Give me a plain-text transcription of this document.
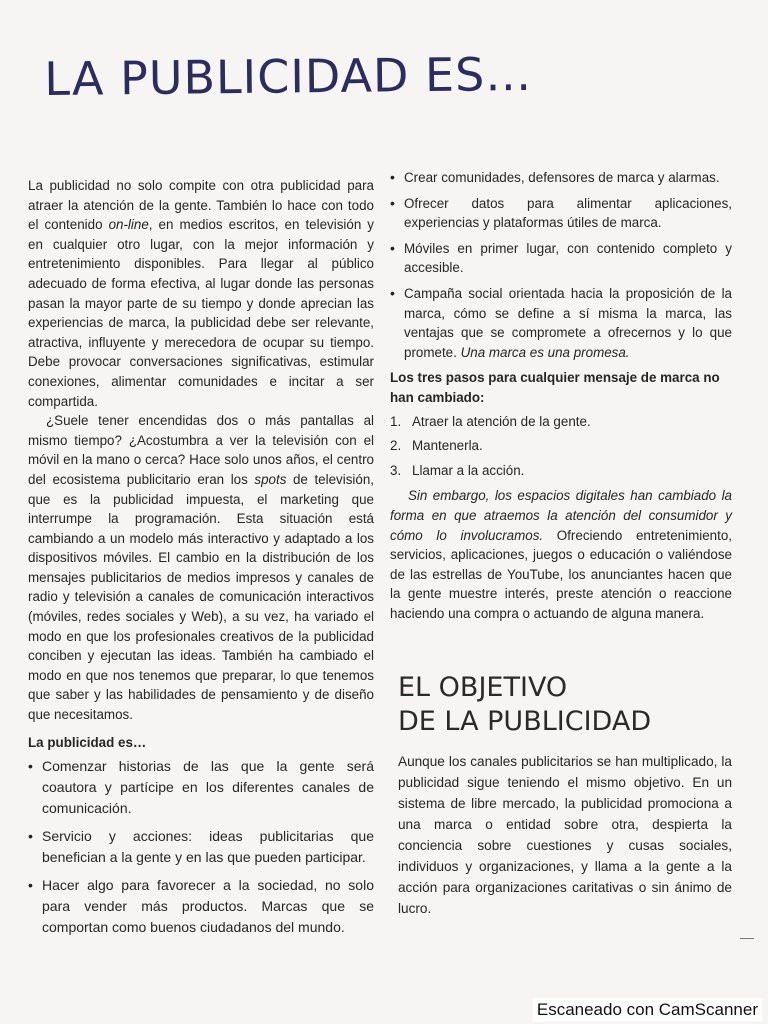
LA PUBLICIDAD ES…

La publicidad no solo compite con otra publicidad para atraer la atención de la gente. También lo hace con todo el contenido on-line, en medios escritos, en televisión y en cualquier otro lugar, con la mejor información y entretenimiento disponibles. Para llegar al público adecuado de forma efectiva, al lugar donde las personas pasan la mayor parte de su tiempo y donde aprecian las experiencias de marca, la publicidad debe ser relevante, atractiva, influyente y merecedora de ocupar su tiempo. Debe provocar conversaciones significativas, estimular conexiones, alimentar comunidades e incitar a ser compartida.

¿Suele tener encendidas dos o más pantallas al mismo tiempo? ¿Acostumbra a ver la televisión con el móvil en la mano o cerca? Hace solo unos años, el centro del ecosistema publicitario eran los spots de televisión, que es la publicidad impuesta, el marketing que interrumpe la programación. Esta situación está cambiando a un modelo más interactivo y adaptado a los dispositivos móviles. El cambio en la distribución de los mensajes publicitarios de medios impresos y canales de radio y televisión a canales de comunicación interactivos (móviles, redes sociales y Web), a su vez, ha variado el modo en que los profesionales creativos de la publicidad conciben y ejecutan las ideas. También ha cambiado el modo en que nos tenemos que preparar, lo que tenemos que saber y las habilidades de pensamiento y de diseño que necesitamos.

La publicidad es…
• Comenzar historias de las que la gente será coautora y partícipe en los diferentes canales de comunicación.
• Servicio y acciones: ideas publicitarias que benefician a la gente y en las que pueden participar.
• Hacer algo para favorecer a la sociedad, no solo para vender más productos. Marcas que se comportan como buenos ciudadanos del mundo.
• Crear comunidades, defensores de marca y alarmas.
• Ofrecer datos para alimentar aplicaciones, experiencias y plataformas útiles de marca.
• Móviles en primer lugar, con contenido completo y accesible.
• Campaña social orientada hacia la proposición de la marca, cómo se define a sí misma la marca, las ventajas que se compromete a ofrecernos y lo que promete. Una marca es una promesa.
Los tres pasos para cualquier mensaje de marca no han cambiado:
1. Atraer la atención de la gente.
2. Mantenerla.
3. Llamar a la acción.

Sin embargo, los espacios digitales han cambiado la forma en que atraemos la atención del consumidor y cómo lo involucramos. Ofreciendo entretenimiento, servicios, aplicaciones, juegos o educación o valiéndose de las estrellas de YouTube, los anunciantes hacen que la gente muestre interés, preste atención o reaccione haciendo una compra o actuando de alguna manera.

EL OBJETIVO
DE LA PUBLICIDAD

Aunque los canales publicitarios se han multiplicado, la publicidad sigue teniendo el mismo objetivo. En un sistema de libre mercado, la publicidad promociona a una marca o entidad sobre otra, despierta la conciencia sobre cuestiones y cusas sociales, individuos y organizaciones, y llama a la gente a la acción para organizaciones caritativas o sin ánimo de lucro.

Escaneado con CamScanner
